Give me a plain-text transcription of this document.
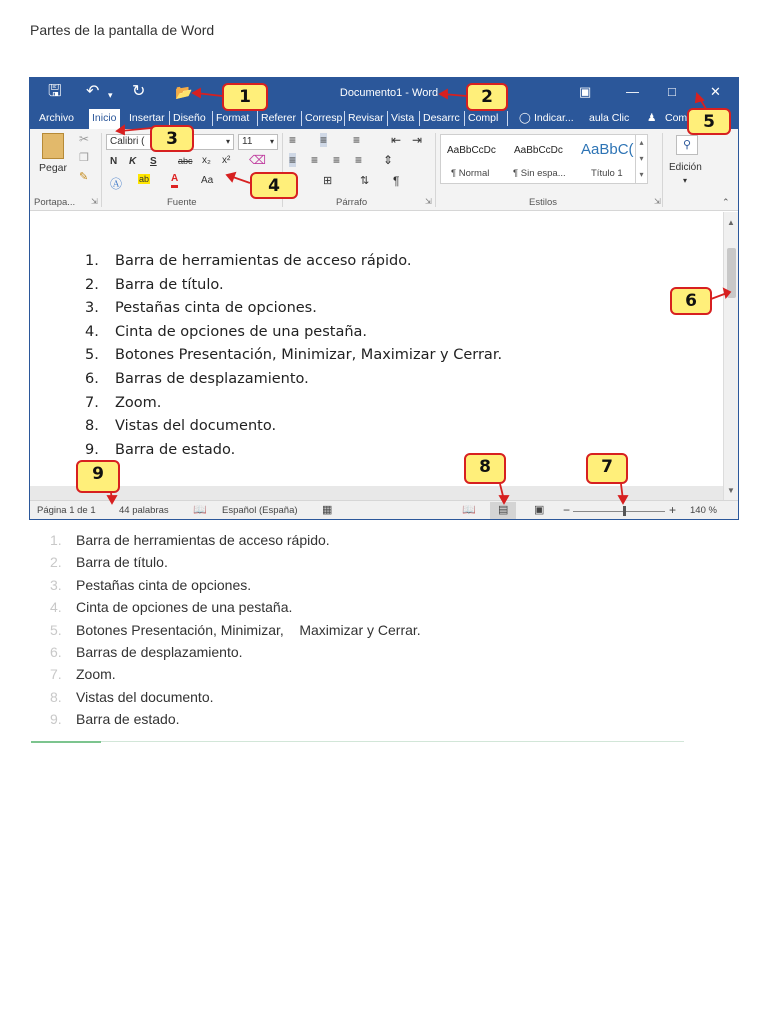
Partes de la pantalla de Word
🖫 ↶ ▾ ↻ 📂	Documento1 - Word	▣	— □	✕
Archivo Inicio Insertar Diseño Format Referer Corresp Revisar Vista Desarrc Compl ◯ Indicar... aula Clic ♟ Com
Pegar
✂
❐
✎
Portapa... ⇲
Calibri (	▾	11 ▾
N K S abc x₂ x² ⌫
Ⓐ ab A Aa
Fuente
≡ ≡ ≡	⇤ ⇥
≡ ≡ ≡ ≡ ⇕
⊞	⇅ ¶
Párrafo	⇲
AaBbCcDc AaBbCcDc AaBbC(
¶ Normal ¶ Sin espa...	Título 1
▴
▾
▾
Estilos	⇲
⚲
Edición
▾
⌃
1. Barra de herramientas de acceso rápido.
2. Barra de título.
3. Pestañas cinta de opciones.
4. Cinta de opciones de una pestaña.
5. Botones Presentación, Minimizar, Maximizar y Cerrar.
6. Barras de desplazamiento.
7. Zoom.
8. Vistas del documento.
9. Barra de estado.
▲
▼
Página 1 de 1 44 palabras 📖 Español (España) ▦	📖 ▤ ▣ −	+ 140 %
1	2
3
4
5
6
7
8
9
1. Barra de herramientas de acceso rápido.
2. Barra de título.
3. Pestañas cinta de opciones.
4. Cinta de opciones de una pestaña.
5. Botones Presentación, Minimizar,    Maximizar y Cerrar.
6. Barras de desplazamiento.
7. Zoom.
8. Vistas del documento.
9. Barra de estado.
